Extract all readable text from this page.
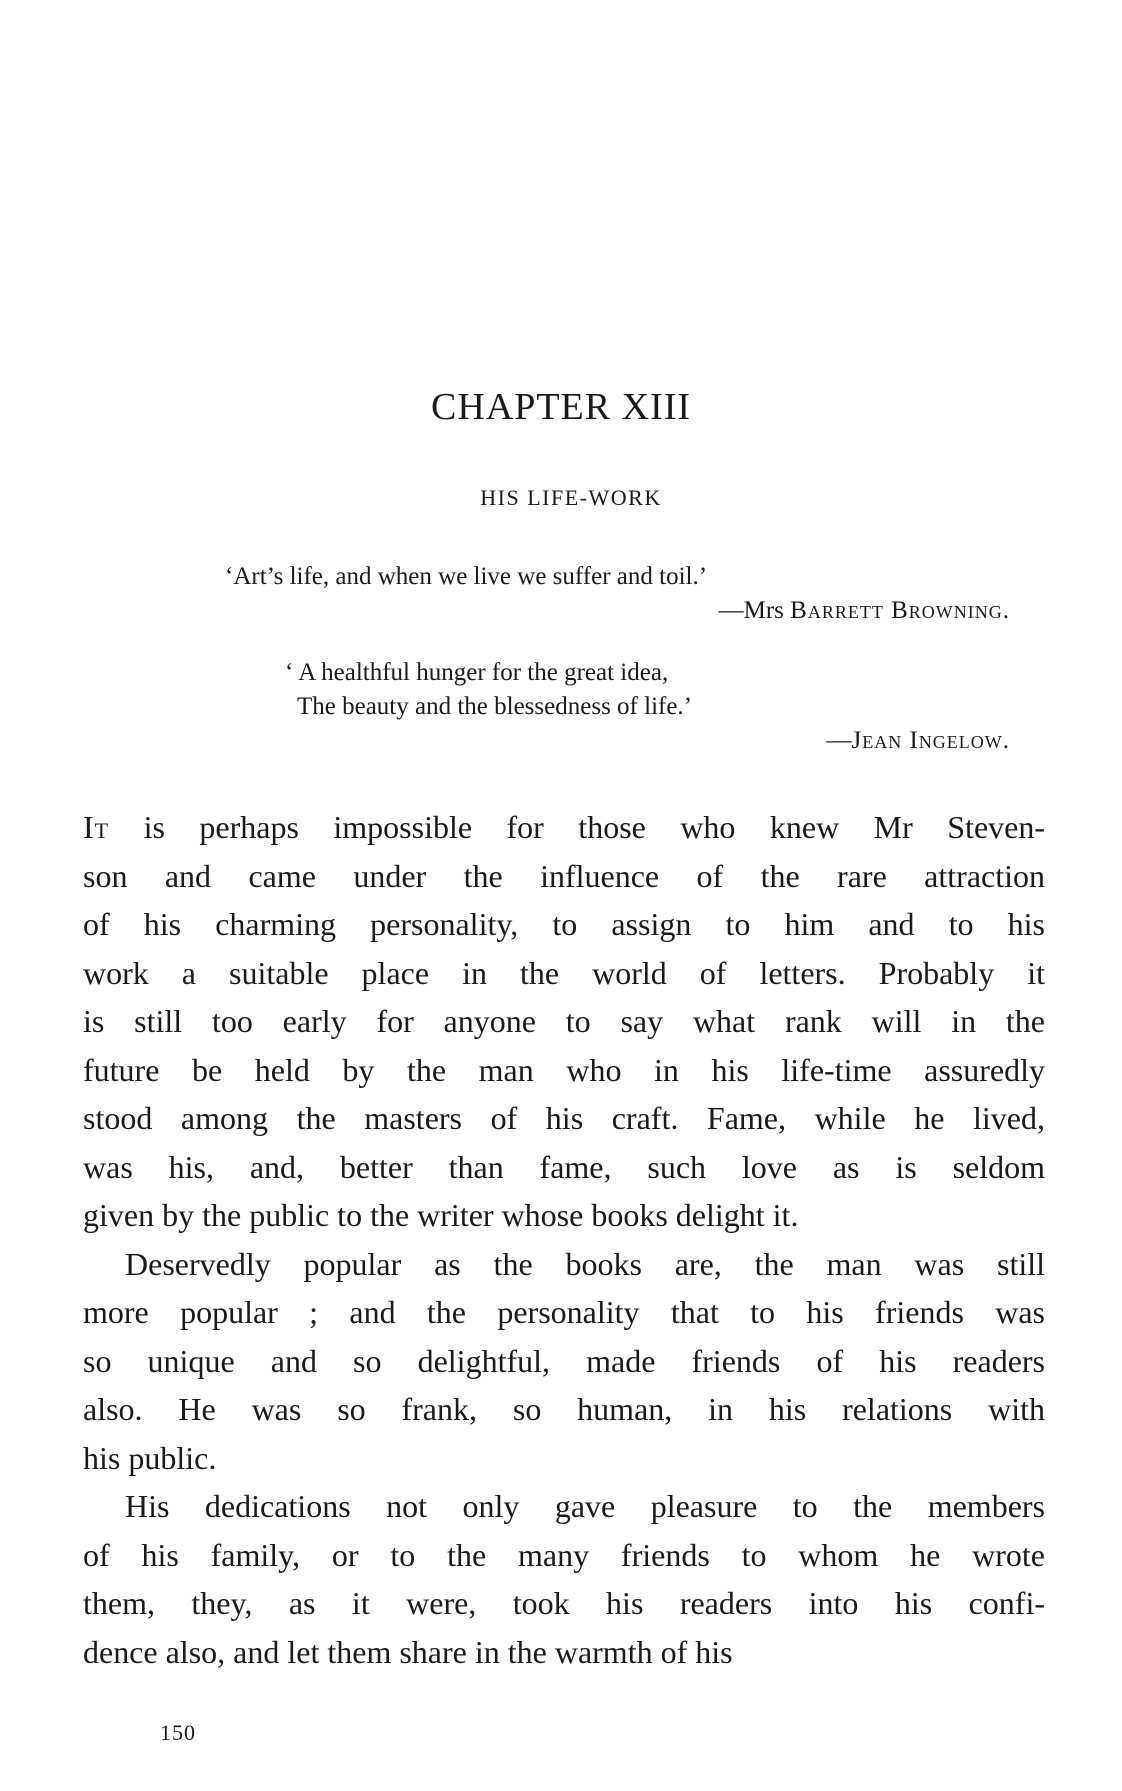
CHAPTER XIII
HIS LIFE-WORK
‘Art’s life, and when we live we suffer and toil.’
—Mrs Barrett Browning.
‘ A healthful hunger for the great idea,
The beauty and the blessedness of life.’
—Jean Ingelow.
It is perhaps impossible for those who knew Mr Steven-
son and came under the influence of the rare attraction
of his charming personality, to assign to him and to his
work a suitable place in the world of letters. Probably it
is still too early for anyone to say what rank will in the
future be held by the man who in his life-time assuredly
stood among the masters of his craft. Fame, while he lived,
was his, and, better than fame, such love as is seldom
given by the public to the writer whose books delight it.
Deservedly popular as the books are, the man was still
more popular ; and the personality that to his friends was
so unique and so delightful, made friends of his readers
also. He was so frank, so human, in his relations with
his public.
His dedications not only gave pleasure to the members
of his family, or to the many friends to whom he wrote
them, they, as it were, took his readers into his confi-
dence also, and let them share in the warmth of his
150
